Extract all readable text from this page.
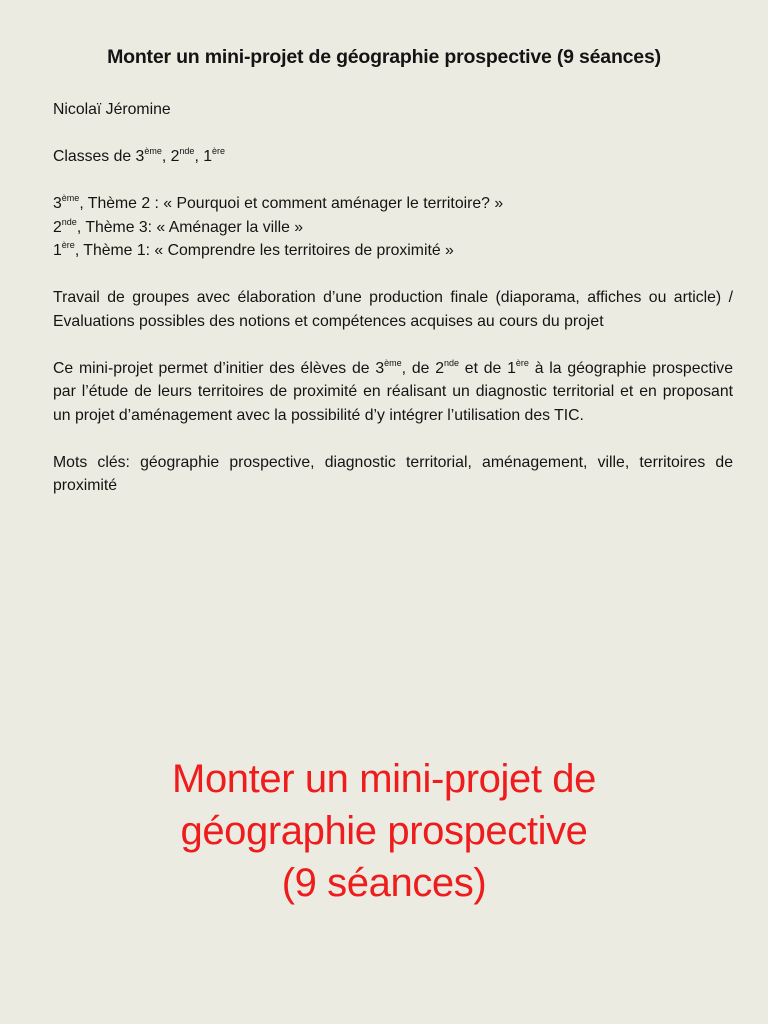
Monter un mini-projet de géographie prospective (9 séances)

Nicolaï Jéromine

Classes de 3ème, 2nde, 1ère

3ème, Thème 2 : « Pourquoi et comment aménager le territoire? »

2nde, Thème 3: « Aménager la ville »

1ère, Thème 1: « Comprendre les territoires de proximité »

Travail de groupes avec élaboration d’une production finale (diaporama, affiches ou article) / Evaluations possibles des notions et compétences acquises au cours du projet

Ce mini-projet permet d’initier des élèves de 3ème, de 2nde et de 1ère à la géographie prospective par l’étude de leurs territoires de proximité en réalisant un diagnostic territorial et en proposant un projet d’aménagement avec la possibilité d’y intégrer l’utilisation des TIC.

Mots clés: géographie prospective, diagnostic territorial, aménagement, ville, territoires de proximité

Monter un mini-projet de
géographie prospective
(9 séances)
